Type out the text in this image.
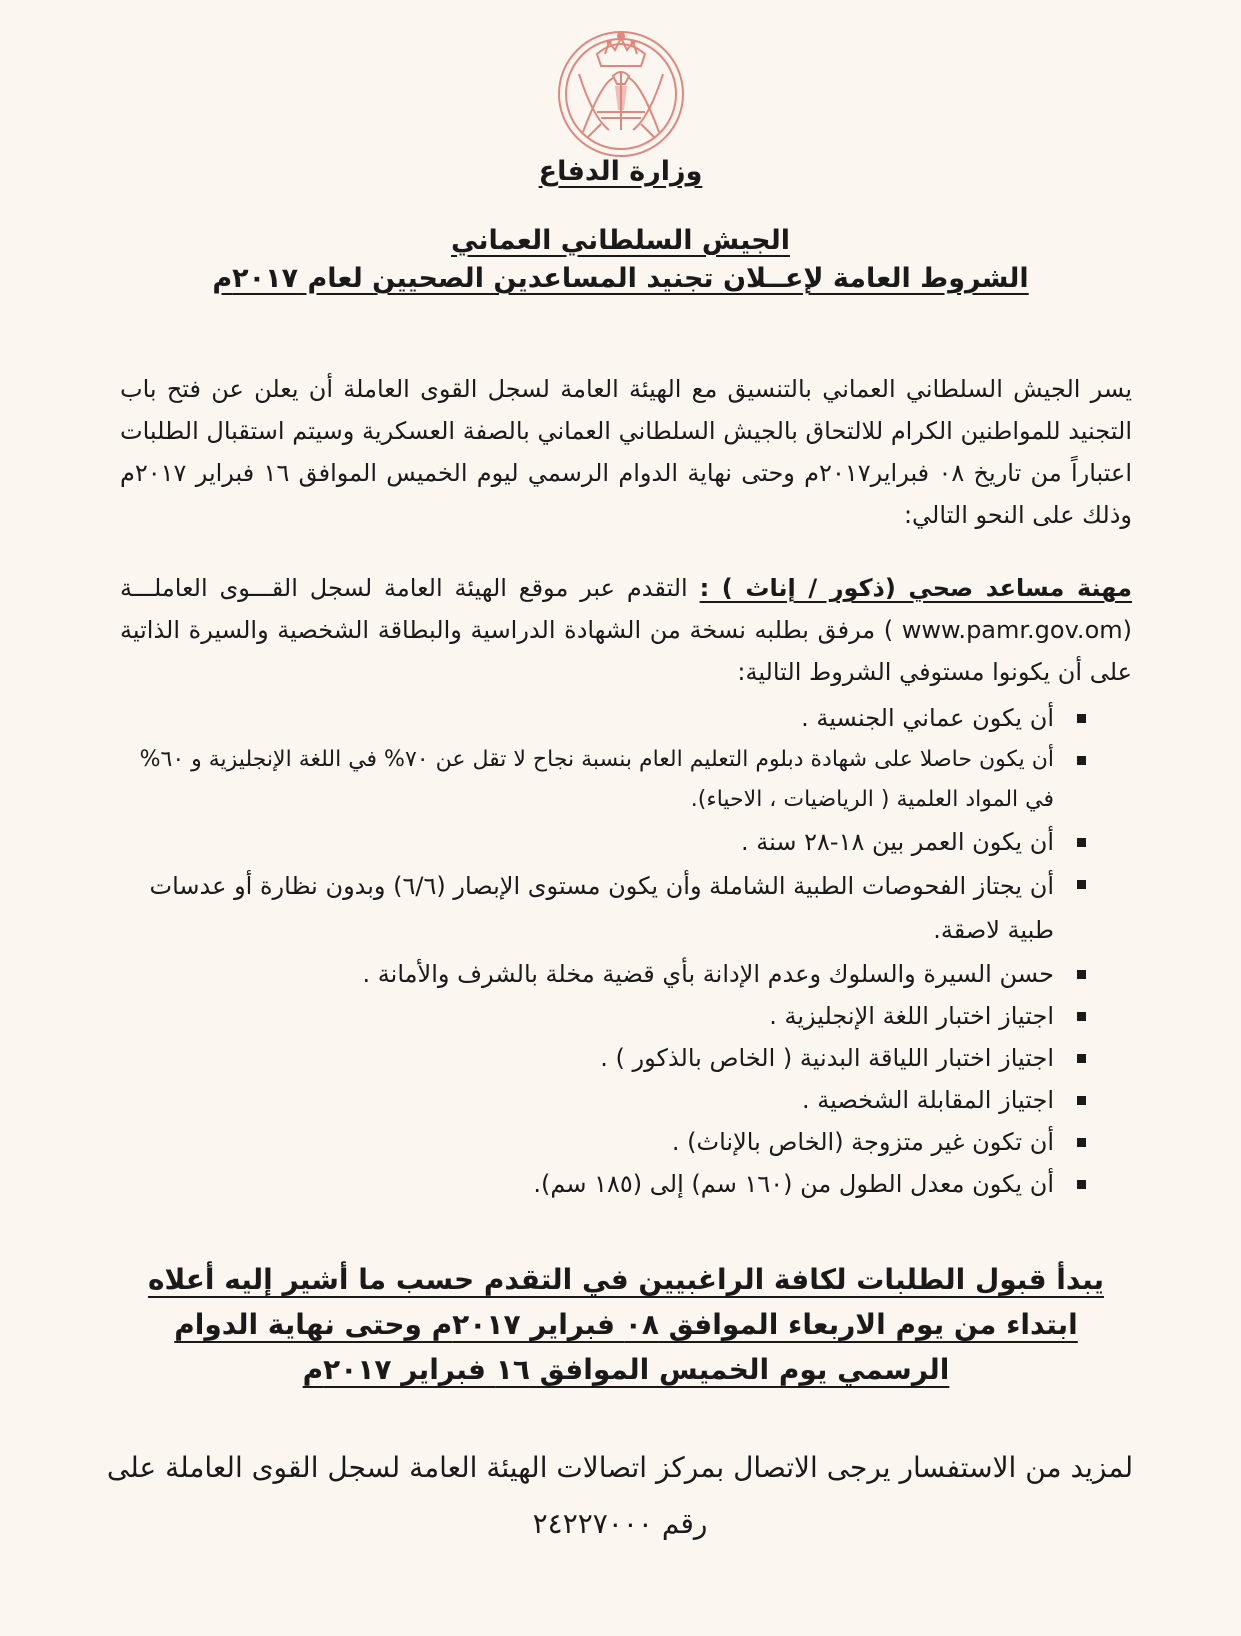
وزارة الدفاع
الجيش السلطاني العماني
الشروط العامة لإعــلان تجنيد المساعدين الصحيين لعام ٢٠١٧م
يسر الجيش السلطاني العماني بالتنسيق مع الهيئة العامة لسجل القوى العاملة أن يعلن عن فتح باب التجنيد للمواطنين الكرام للالتحاق بالجيش السلطاني العماني بالصفة العسكرية وسيتم استقبال الطلبات اعتباراً من تاريخ ٠٨ فبراير٢٠١٧م وحتى نهاية الدوام الرسمي ليوم الخميس الموافق ١٦ فبراير ٢٠١٧م وذلك على النحو التالي:
مهنة مساعد صحي (ذكور / إناث ) : التقدم عبر موقع الهيئة العامة لسجل القـــوى العاملـــة (www.pamr.gov.om ) مرفق بطلبه نسخة من الشهادة الدراسية والبطاقة الشخصية والسيرة الذاتية على أن يكونوا مستوفي الشروط التالية:
أن يكون عماني الجنسية .
أن يكون حاصلا على شهادة دبلوم التعليم العام بنسبة نجاح لا تقل عن ٧٠% في اللغة الإنجليزية و ٦٠% في المواد العلمية ( الرياضيات ، الاحياء).
أن يكون العمر بين ١٨-٢٨ سنة .
أن يجتاز الفحوصات الطبية الشاملة وأن يكون مستوى الإبصار (٦/٦) وبدون نظارة أو عدسات طبية لاصقة.
حسن السيرة والسلوك وعدم الإدانة بأي قضية مخلة بالشرف والأمانة .
اجتياز اختبار اللغة الإنجليزية .
اجتياز اختبار اللياقة البدنية ( الخاص بالذكور ) .
اجتياز المقابلة الشخصية .
أن تكون غير متزوجة (الخاص بالإناث) .
أن يكون معدل الطول من (١٦٠ سم) إلى (١٨٥ سم).
يبدأ قبول الطلبات لكافة الراغبيين في التقدم حسب ما أشير إليه أعلاه ابتداء من يوم الاربعاء الموافق ٠٨ فبراير ٢٠١٧م وحتى نهاية الدوام الرسمي يوم الخميس الموافق ١٦ فبراير ٢٠١٧م
لمزيد من الاستفسار يرجى الاتصال بمركز اتصالات الهيئة العامة لسجل القوى العاملة على رقم ٢٤٢٢٧٠٠٠
